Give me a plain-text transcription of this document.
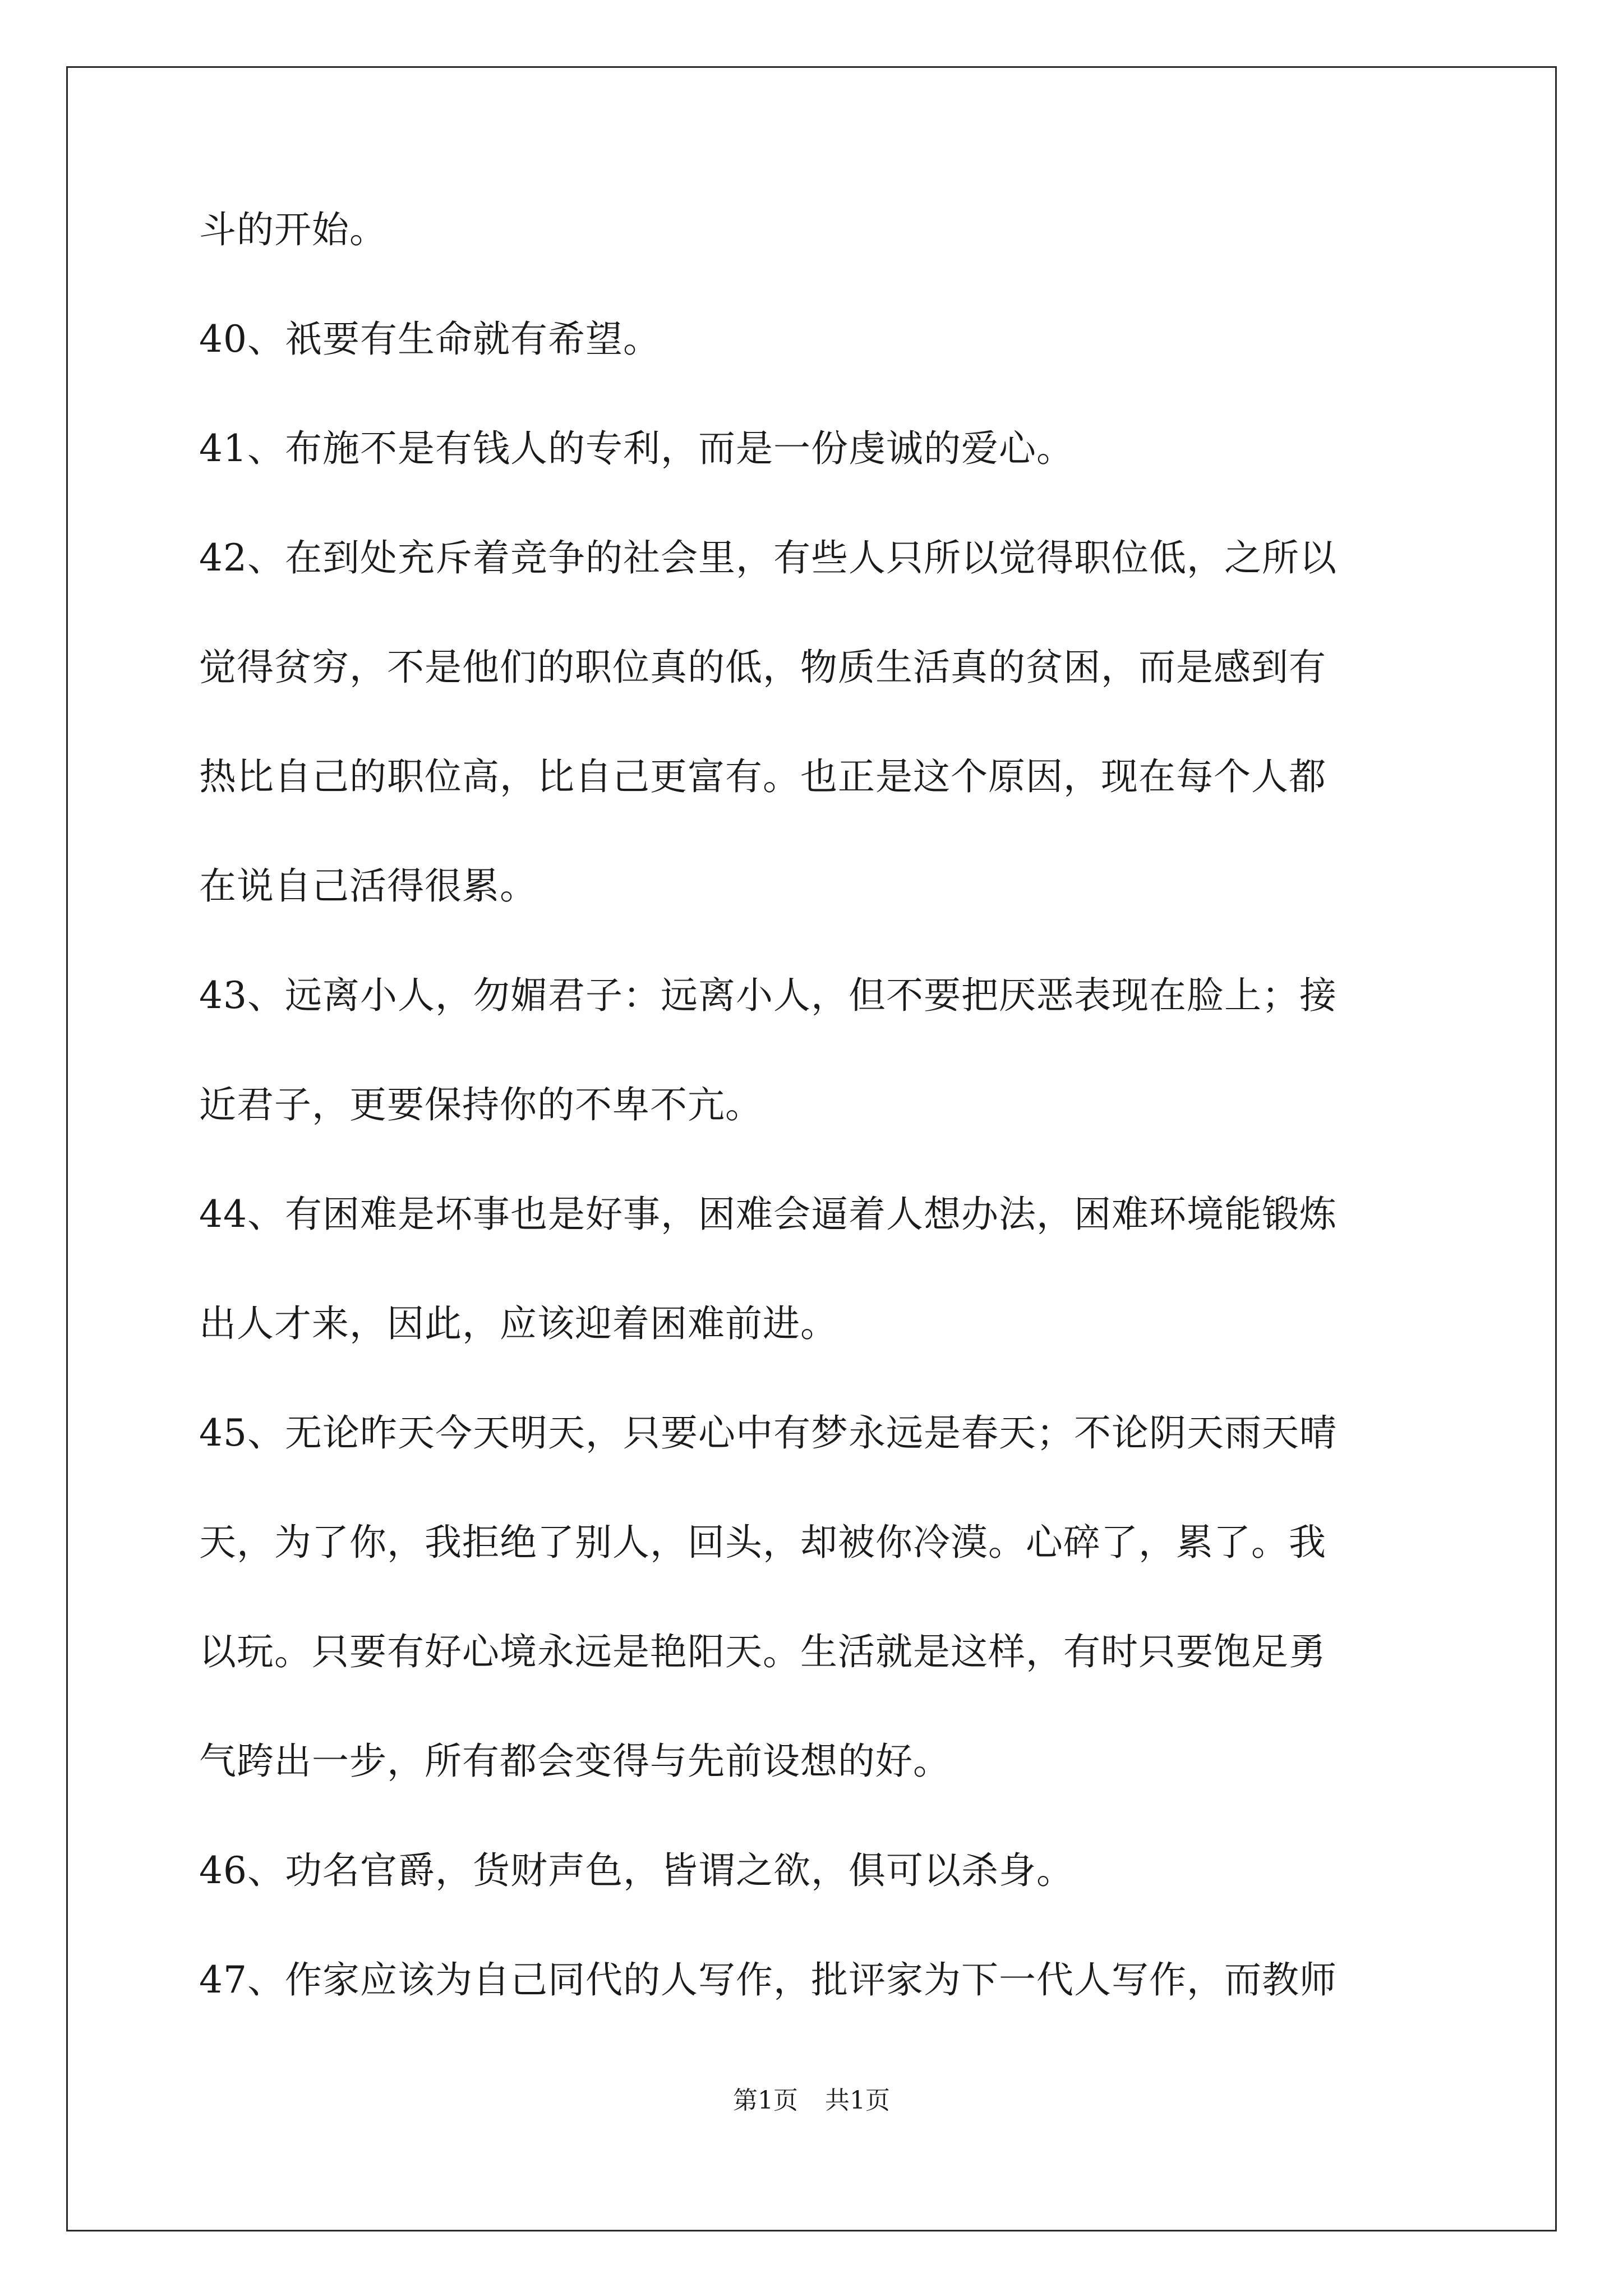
斗的开始。
40、祇要有生命就有希望。
41、布施不是有钱人的专利，而是一份虔诚的爱心。
42、在到处充斥着竞争的社会里，有些人只所以觉得职位低，之所以
觉得贫穷，不是他们的职位真的低，物质生活真的贫困，而是感到有
热比自己的职位高，比自己更富有。也正是这个原因，现在每个人都
在说自己活得很累。
43、远离小人，勿媚君子：远离小人，但不要把厌恶表现在脸上；接
近君子，更要保持你的不卑不亢。
44、有困难是坏事也是好事，困难会逼着人想办法，困难环境能锻炼
出人才来，因此，应该迎着困难前进。
45、无论昨天今天明天，只要心中有梦永远是春天；不论阴天雨天晴
天，为了你，我拒绝了别人，回头，却被你冷漠。心碎了，累了。我
以玩。只要有好心境永远是艳阳天。生活就是这样，有时只要饱足勇
气跨出一步，所有都会变得与先前设想的好。
46、功名官爵，货财声色，皆谓之欲，俱可以杀身。
47、作家应该为自己同代的人写作，批评家为下一代人写作，而教师
第1页 共1页
